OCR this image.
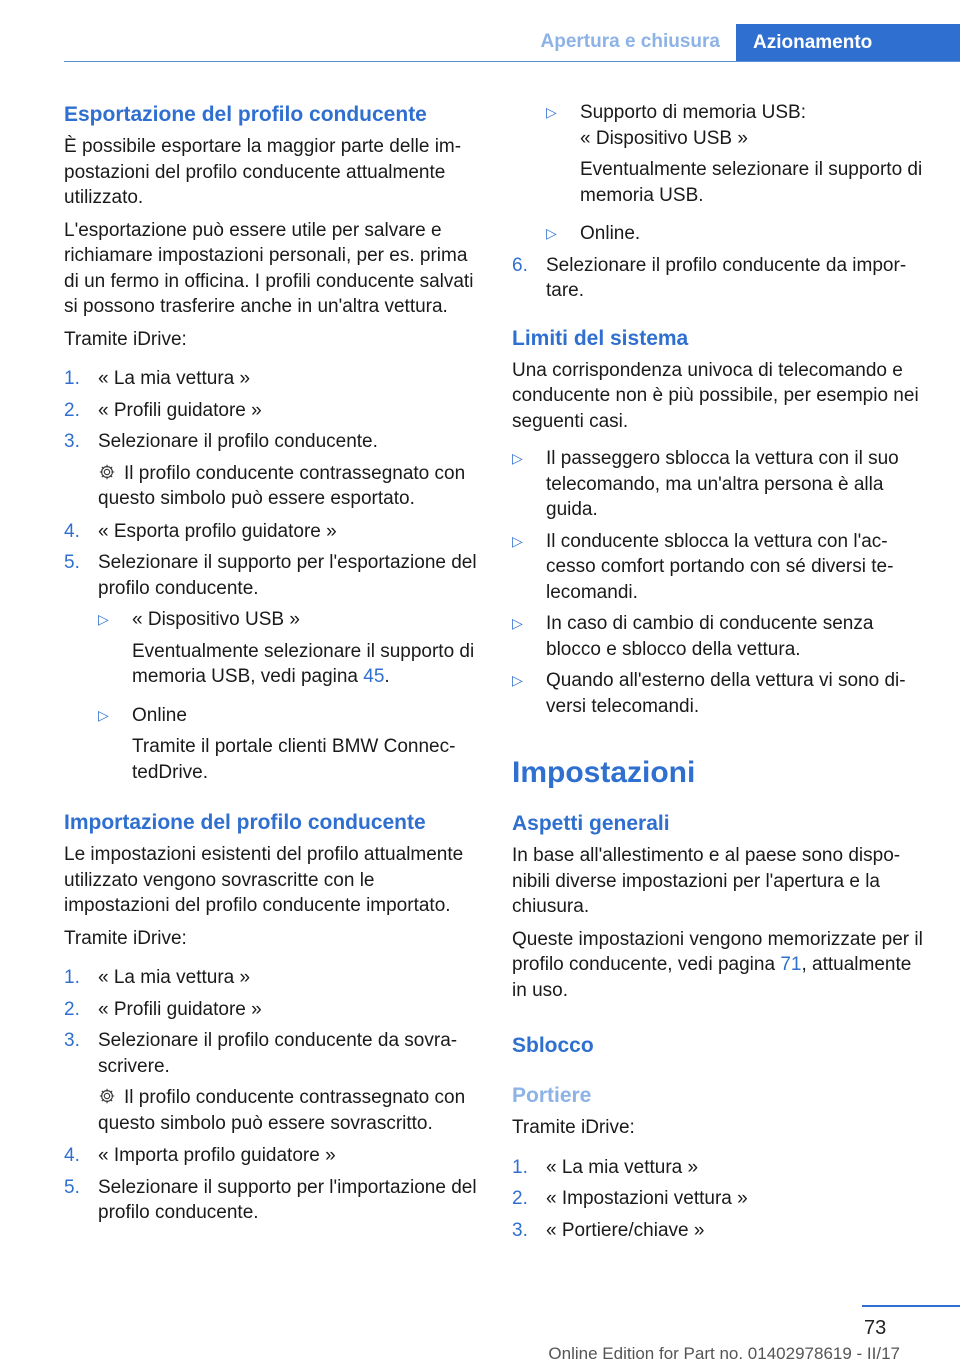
Apertura e chiusura	Azionamento
Esportazione del profilo conducente

È possibile esportare la maggior parte delle impostazioni del profilo conducente attualmente utilizzato.

L'esportazione può essere utile per salvare e richiamare impostazioni personali, per es. prima di un fermo in officina. I profili conducente salvati si possono trasferire anche in un'altra vettura.

Tramite iDrive:

1. « La mia vettura »
2. « Profili guidatore »
3. Selezionare il profilo conducente.

Il profilo conducente contrassegnato con questo simbolo può essere esportato.

4. « Esporta profilo guidatore »
5. Selezionare il supporto per l'esportazione del profilo conducente.
▷	« Dispositivo USB »

Eventualmente selezionare il supporto di memoria USB, vedi pagina 45.

▷	Online

Tramite il portale clienti BMW ConnectedDrive.

Importazione del profilo conducente

Le impostazioni esistenti del profilo attualmente utilizzato vengono sovrascritte con le impostazioni del profilo conducente importato.

Tramite iDrive:

1. « La mia vettura »
2. « Profili guidatore »
3. Selezionare il profilo conducente da sovrascrivere.

Il profilo conducente contrassegnato con questo simbolo può essere sovrascritto.

4. « Importa profilo guidatore »
5. Selezionare il supporto per l'importazione del profilo conducente.
▷	Supporto di memoria USB:
« Dispositivo USB »

Eventualmente selezionare il supporto di memoria USB.

▷	Online.
6. Selezionare il profilo conducente da importare.
Limiti del sistema

Una corrispondenza univoca di telecomando e conducente non è più possibile, per esempio nei seguenti casi.

▷	Il passeggero sblocca la vettura con il suo telecomando, ma un'altra persona è alla guida.
▷	Il conducente sblocca la vettura con l'accesso comfort portando con sé diversi telecomandi.
▷	In caso di cambio di conducente senza blocco e sblocco della vettura.
▷	Quando all'esterno della vettura vi sono diversi telecomandi.
Impostazioni
Aspetti generali

In base all'allestimento e al paese sono disponibili diverse impostazioni per l'apertura e la chiusura.

Queste impostazioni vengono memorizzate per il profilo conducente, vedi pagina 71, attualmente in uso.

Sblocco
Portiere

Tramite iDrive:

1. « La mia vettura »
2. « Impostazioni vettura »
3. « Portiere/chiave »
73
Online Edition for Part no. 01402978619 - II/17
